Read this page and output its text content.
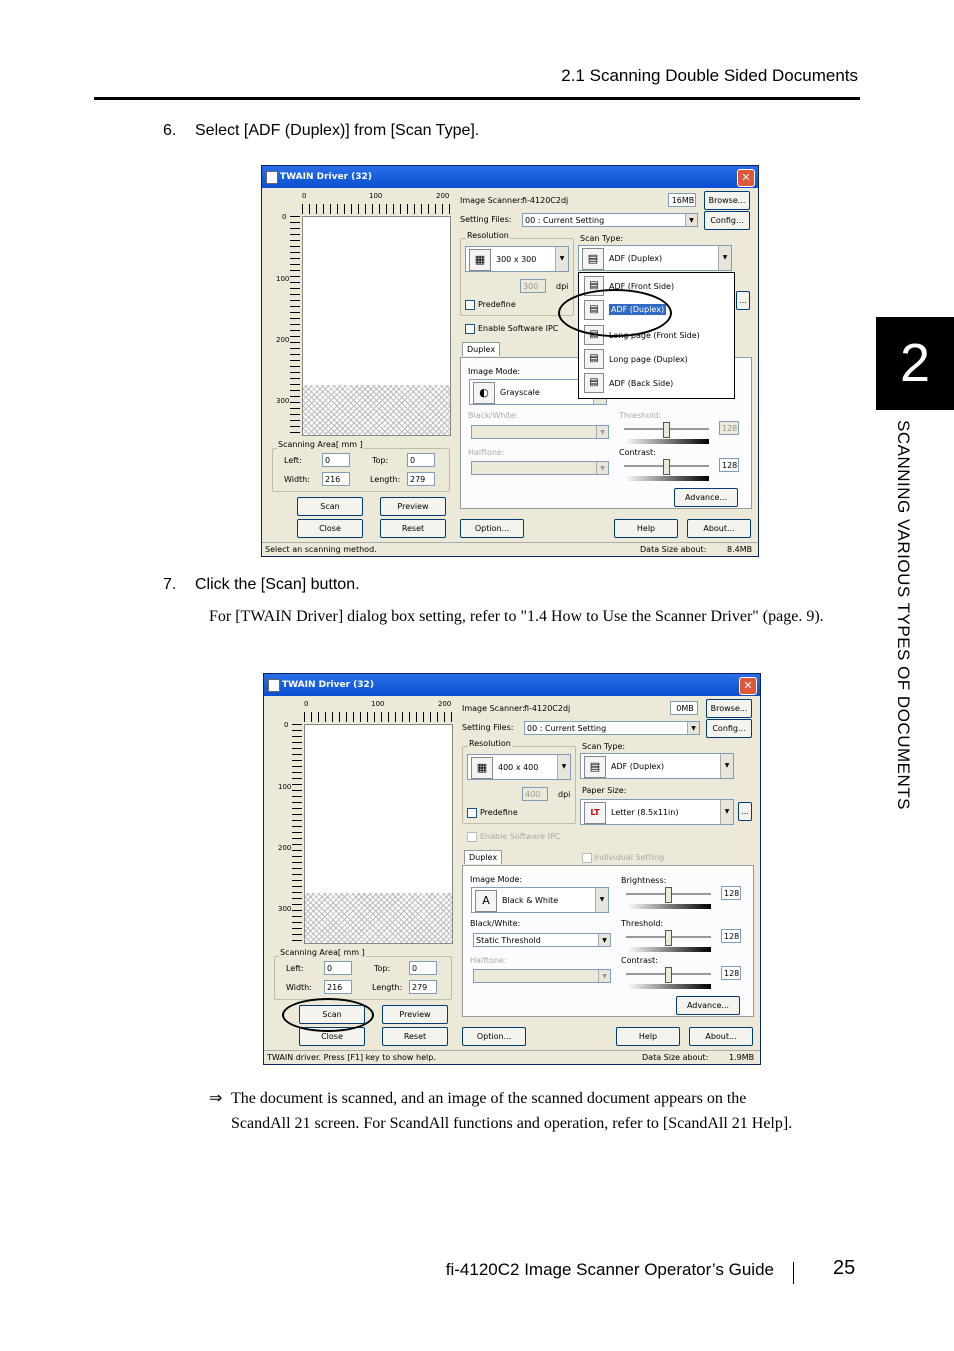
2.1 Scanning Double Sided Documents
6. Select [ADF (Duplex)] from [Scan Type].
TWAIN Driver (32)	✕
0	100	200
0
100
200
300
Scanning Area[ mm ]
Left:	0	Top:	0
Width:	216	Length:	279
Scan	Preview
Close	Reset
Image Scanner: fi-4120C2dj	16MB	Browse...
Setting Files:	00 : Current Setting	▼	Config...
Resolution
▦	300 x 300	▼
300	dpi
Predefine
Enable Software IPC
Scan Type:
▤	ADF (Duplex)	▼
...
Duplex
Image Mode:
◐	Grayscale
Black/White:
▼
Halftone:
▼
Threshold:
128
Contrast:
128
Advance...
Option...	Help	About...
▤	ADF (Front Side)
▤	ADF (Duplex)
▤	Long page (Front Side)
▤	Long page (Duplex)
▤	ADF (Back Side)
Select an scanning method.	Data Size about:	8.4MB
7. Click the [Scan] button.
For [TWAIN Driver] dialog box setting, refer to "1.4 How to Use the Scanner Driver" (page. 9).
TWAIN Driver (32)	✕
0	100	200
0
100
200
300
Scanning Area[ mm ]
Left:	0	Top:	0
Width:	216	Length:	279
Scan	Preview
Close	Reset
Image Scanner: fi-4120C2dj	0MB	Browse...
Setting Files:	00 : Current Setting	▼	Config...
Resolution
▦	400 x 400	▼
400	dpi
Predefine
Enable Software IPC
Scan Type:
▤	ADF (Duplex)	▼
Paper Size:
LT	Letter (8.5x11in)	▼	...
Duplex	Individual Setting
Image Mode:
A	Black & White	▼
Black/White:
Static Threshold	▼
Halftone:
▼
Brightness:
128
Threshold:
128
Contrast:
128
Advance...
Option...	Help	About...
TWAIN driver. Press [F1] key to show help.	Data Size about:	1.9MB
⇒ The document is scanned, and an image of the scanned document appears on the
ScandAll 21 screen. For ScandAll functions and operation, refer to [ScandAll 21 Help].
2
SCANNING VARIOUS TYPES OF DOCUMENTS
fi-4120C2 Image Scanner Operator’s Guide	25
